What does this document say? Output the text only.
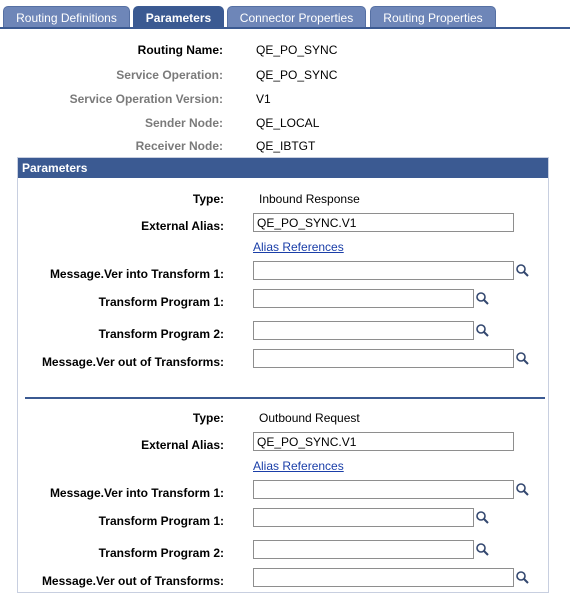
Routing Definitions	Parameters	Connector Properties	Routing Properties
Routing Name:	QE_PO_SYNC
Service Operation:	QE_PO_SYNC
Service Operation Version:	V1
Sender Node:	QE_LOCAL
Receiver Node:	QE_IBTGT
Parameters
Type:	Inbound Response
External Alias:
QE_PO_SYNC.V1
Alias References
Message.Ver into Transform 1:
Transform Program 1:
Transform Program 2:
Message.Ver out of Transforms:
Type:	Outbound Request
External Alias:
QE_PO_SYNC.V1
Alias References
Message.Ver into Transform 1:
Transform Program 1:
Transform Program 2:
Message.Ver out of Transforms:
